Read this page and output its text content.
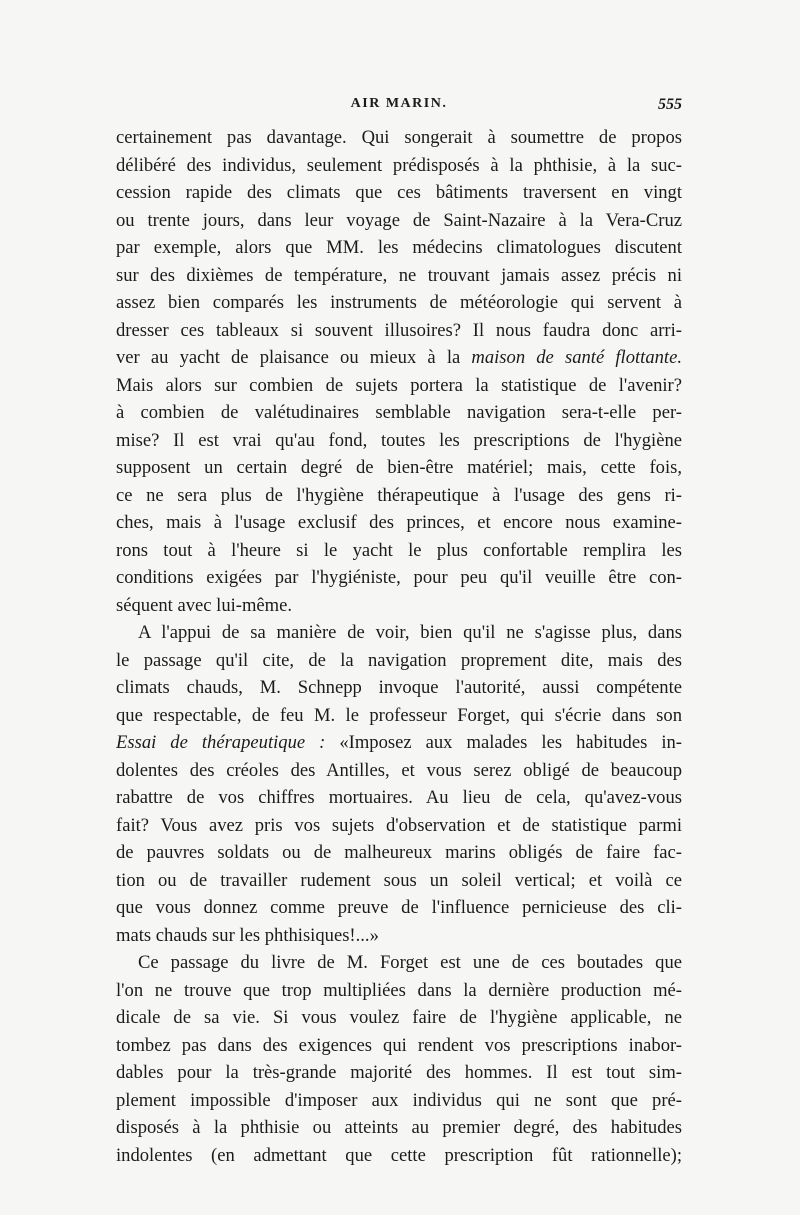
AIR MARIN.	555
certainement pas davantage. Qui songerait à soumettre de propos
délibéré des individus, seulement prédisposés à la phthisie, à la suc-
cession rapide des climats que ces bâtiments traversent en vingt
ou trente jours, dans leur voyage de Saint-Nazaire à la Vera-Cruz
par exemple, alors que MM. les médecins climatologues discutent
sur des dixièmes de température, ne trouvant jamais assez précis ni
assez bien comparés les instruments de météorologie qui servent à
dresser ces tableaux si souvent illusoires? Il nous faudra donc arri-
ver au yacht de plaisance ou mieux à la maison de santé flottante.
Mais alors sur combien de sujets portera la statistique de l'avenir?
à combien de valétudinaires semblable navigation sera-t-elle per-
mise? Il est vrai qu'au fond, toutes les prescriptions de l'hygiène
supposent un certain degré de bien-être matériel; mais, cette fois,
ce ne sera plus de l'hygiène thérapeutique à l'usage des gens ri-
ches, mais à l'usage exclusif des princes, et encore nous examine-
rons tout à l'heure si le yacht le plus confortable remplira les
conditions exigées par l'hygiéniste, pour peu qu'il veuille être con-
séquent avec lui-même.
A l'appui de sa manière de voir, bien qu'il ne s'agisse plus, dans
le passage qu'il cite, de la navigation proprement dite, mais des
climats chauds, M. Schnepp invoque l'autorité, aussi compétente
que respectable, de feu M. le professeur Forget, qui s'écrie dans son
Essai de thérapeutique : «Imposez aux malades les habitudes in-
dolentes des créoles des Antilles, et vous serez obligé de beaucoup
rabattre de vos chiffres mortuaires. Au lieu de cela, qu'avez-vous
fait? Vous avez pris vos sujets d'observation et de statistique parmi
de pauvres soldats ou de malheureux marins obligés de faire fac-
tion ou de travailler rudement sous un soleil vertical; et voilà ce
que vous donnez comme preuve de l'influence pernicieuse des cli-
mats chauds sur les phthisiques!...»
Ce passage du livre de M. Forget est une de ces boutades que
l'on ne trouve que trop multipliées dans la dernière production mé-
dicale de sa vie. Si vous voulez faire de l'hygiène applicable, ne
tombez pas dans des exigences qui rendent vos prescriptions inabor-
dables pour la très-grande majorité des hommes. Il est tout sim-
plement impossible d'imposer aux individus qui ne sont que pré-
disposés à la phthisie ou atteints au premier degré, des habitudes
indolentes (en admettant que cette prescription fût rationnelle);
